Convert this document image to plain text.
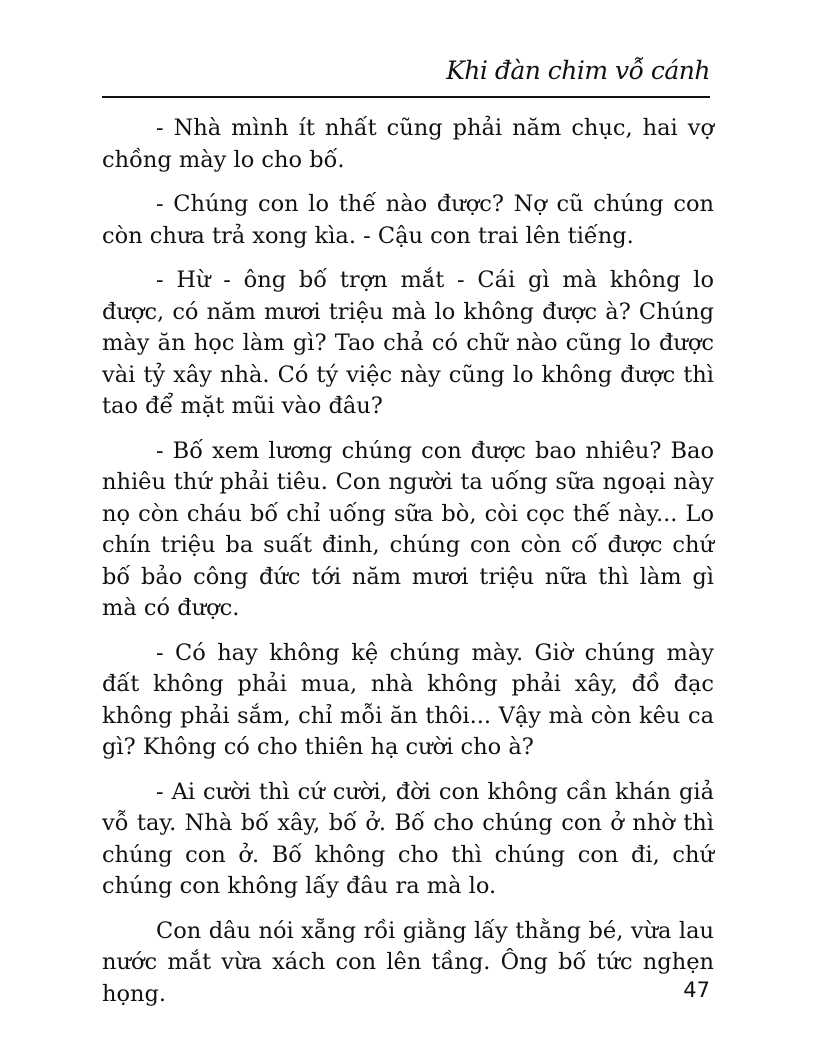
Khi đàn chim vỗ cánh

- Nhà mình ít nhất cũng phải năm chục, hai vợ chồng mày lo cho bố.

- Chúng con lo thế nào được? Nợ cũ chúng con còn chưa trả xong kìa. - Cậu con trai lên tiếng.

- Hừ - ông bố trợn mắt - Cái gì mà không lo được, có năm mươi triệu mà lo không được à? Chúng mày ăn học làm gì? Tao chả có chữ nào cũng lo được vài tỷ xây nhà. Có tý việc này cũng lo không được thì tao để mặt mũi vào đâu?

- Bố xem lương chúng con được bao nhiêu? Bao nhiêu thứ phải tiêu. Con người ta uống sữa ngoại này nọ còn cháu bố chỉ uống sữa bò, còi cọc thế này... Lo chín triệu ba suất đinh, chúng con còn cố được chứ bố bảo công đức tới năm mươi triệu nữa thì làm gì mà có được.

- Có hay không kệ chúng mày. Giờ chúng mày đất không phải mua, nhà không phải xây, đồ đạc không phải sắm, chỉ mỗi ăn thôi... Vậy mà còn kêu ca gì? Không có cho thiên hạ cười cho à?

- Ai cười thì cứ cười, đời con không cần khán giả vỗ tay. Nhà bố xây, bố ở. Bố cho chúng con ở nhờ thì chúng con ở. Bố không cho thì chúng con đi, chứ chúng con không lấy đâu ra mà lo.

Con dâu nói xẵng rồi giằng lấy thằng bé, vừa lau nước mắt vừa xách con lên tầng. Ông bố tức nghẹn họng.	47
